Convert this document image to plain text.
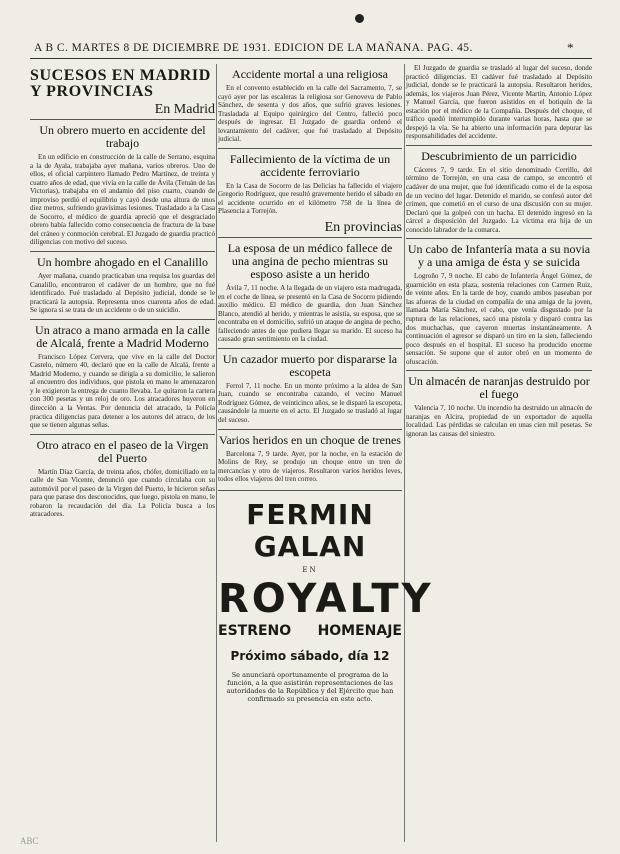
A B C. MARTES 8 DE DICIEMBRE DE 1931. EDICION DE LA MAÑANA. PAG. 45.	*
SUCESOS EN MADRID Y PROVINCIAS
En Madrid
Un obrero muerto en accidente del trabajo

En un edificio en construcción de la calle de Serrano, esquina a la de Ayala, trabajaba ayer mañana, varios obreros. Uno de ellos, el oficial carpintero llamado Pedro Martínez, de treinta y cuatro años de edad, que vivía en la calle de Ávila (Tetuán de las Victorias), trabajaba en el andamio del piso cuarto, cuando de improviso perdió el equilibrio y cayó desde una altura de unos diez metros, sufriendo gravísimas lesiones. Trasladado a la Casa de Socorro, el médico de guardia apreció que el desgraciado obrero había fallecido como consecuencia de fractura de la base del cráneo y conmoción cerebral. El Juzgado de guardia practicó diligencias con motivo del suceso.

Un hombre ahogado en el Canalillo

Ayer mañana, cuando practicaban una requisa los guardas del Canalillo, encontraron el cadáver de un hombre, que no fué identificado. Fué trasladado al Depósito judicial, donde se le practicará la autopsia. Representa unos cuarenta años de edad. Se ignora si se trata de un accidente o de un suicidio.

Un atraco a mano armada en la calle de Alcalá, frente a Madrid Moderno

Francisco López Cervera, que vive en la calle del Doctor Castelo, número 40, declaró que en la calle de Alcalá, frente a Madrid Moderno, y cuando se dirigía a su domicilio, le salieron al encuentro dos individuos, que pistola en mano le amenazaron y le exigieron la entrega de cuanto llevaba. Le quitaron la cartera con 300 pesetas y un reloj de oro. Los atracadores huyeron en dirección a la Ventas. Por denuncia del atracado, la Policía practica diligencias para detener a los autores del atraco, de los que se tienen algunas señas.

Otro atraco en el paseo de la Virgen del Puerto

Martín Díaz García, de treinta años, chófer, domiciliado en la calle de San Vicente, denunció que cuando circulaba con su automóvil por el paseo de la Virgen del Puerto, le hicieron señas para que parase dos desconocidos, que luego, pistola en mano, le robaron la recaudación del día. La Policía busca a los atracadores.

Accidente mortal a una religiosa

En el convento establecido en la calle del Sacramento, 7, se cayó ayer por las escaleras la religiosa sor Genoveva de Pablo Sánchez, de sesenta y dos años, que sufrió graves lesiones. Trasladada al Equipo quirúrgico del Centro, falleció poco después de ingresar. El Juzgado de guardia ordenó el levantamiento del cadáver, que fué trasladado al Depósito judicial.

Fallecimiento de la víctima de un accidente ferroviario

En la Casa de Socorro de las Delicias ha fallecido el viajero Gregorio Rodríguez, que resultó gravemente herido el sábado en el accidente ocurrido en el kilómetro 758 de la línea de Plasencia a Torrejón.

En provincias
La esposa de un médico fallece de una angina de pecho mientras su esposo asiste a un herido

Ávila 7, 11 noche. A la llegada de un viajero esta madrugada, en el coche de línea, se presentó en la Casa de Socorro pidiendo auxilio médico. El médico de guardia, don Juan Sánchez Blanco, atendió al herido, y mientras le asistía, su esposa, que se encontraba en el domicilio, sufrió un ataque de angina de pecho, falleciendo antes de que pudiera llegar su marido. El suceso ha causado gran sentimiento en la ciudad.

Un cazador muerto por dispararse la escopeta

Ferrol 7, 11 noche. En un monte próximo a la aldea de San Juan, cuando se encontraba cazando, el vecino Manuel Rodríguez Gómez, de veinticinco años, se le disparó la escopeta, causándole la muerte en el acto. El Juzgado se trasladó al lugar del suceso.

Varios heridos en un choque de trenes

Barcelona 7, 9 tarde. Ayer, por la noche, en la estación de Molins de Rey, se produjo un choque entre un tren de mercancías y otro de viajeros. Resultaron varios heridos leves, todos ellos viajeros del tren correo.

FERMIN GALAN
EN
ROYALTY
ESTRENO HOMENAJE
Próximo sábado, día 12
Se anunciará oportunamente el programa de la función, a la que asistirán representaciones de las autoridades de la República y del Ejército que han confirmado su presencia en este acto.

El Juzgado de guardia se trasladó al lugar del suceso, donde practicó diligencias. El cadáver fué trasladado al Depósito judicial, donde se le practicará la autopsia. Resultaron heridos, además, los viajeros Juan Pérez, Vicente Martín, Antonio López y Manuel García, que fueron asistidos en el botiquín de la estación por el médico de la Compañía. Después del choque, el tráfico quedó interrumpido durante varias horas, hasta que se despejó la vía. Se ha abierto una información para depurar las responsabilidades del accidente.

Descubrimiento de un parricidio

Cáceres 7, 9 tarde. En el sitio denominado Cerrillo, del término de Torrejón, en una casa de campo, se encontró el cadáver de una mujer, que fué identificado como el de la esposa de un vecino del lugar. Detenido el marido, se confesó autor del crimen, que cometió en el curso de una discusión con su mujer. Declaró que la golpeó con un hacha. El detenido ingresó en la cárcel a disposición del Juzgado. La víctima era hija de un conocido labrador de la comarca.

Un cabo de Infantería mata a su novia y a una amiga de ésta y se suicida

Logroño 7, 9 noche. El cabo de Infantería Ángel Gómez, de guarnición en esta plaza, sostenía relaciones con Carmen Ruiz, de veinte años. En la tarde de hoy, cuando ambos paseaban por las afueras de la ciudad en compañía de una amiga de la joven, llamada María Sánchez, el cabo, que venía disgustado por la ruptura de las relaciones, sacó una pistola y disparó contra las dos muchachas, que cayeron muertas instantáneamente. A continuación el agresor se disparó un tiro en la sien, falleciendo poco después en el hospital. El suceso ha producido enorme sensación. Se supone que el autor obró en un momento de ofuscación.

Un almacén de naranjas destruido por el fuego

Valencia 7, 10 noche. Un incendio ha destruido un almacén de naranjas en Alcira, propiedad de un exportador de aquella localidad. Las pérdidas se calculan en unas cien mil pesetas. Se ignoran las causas del siniestro.

ABC
